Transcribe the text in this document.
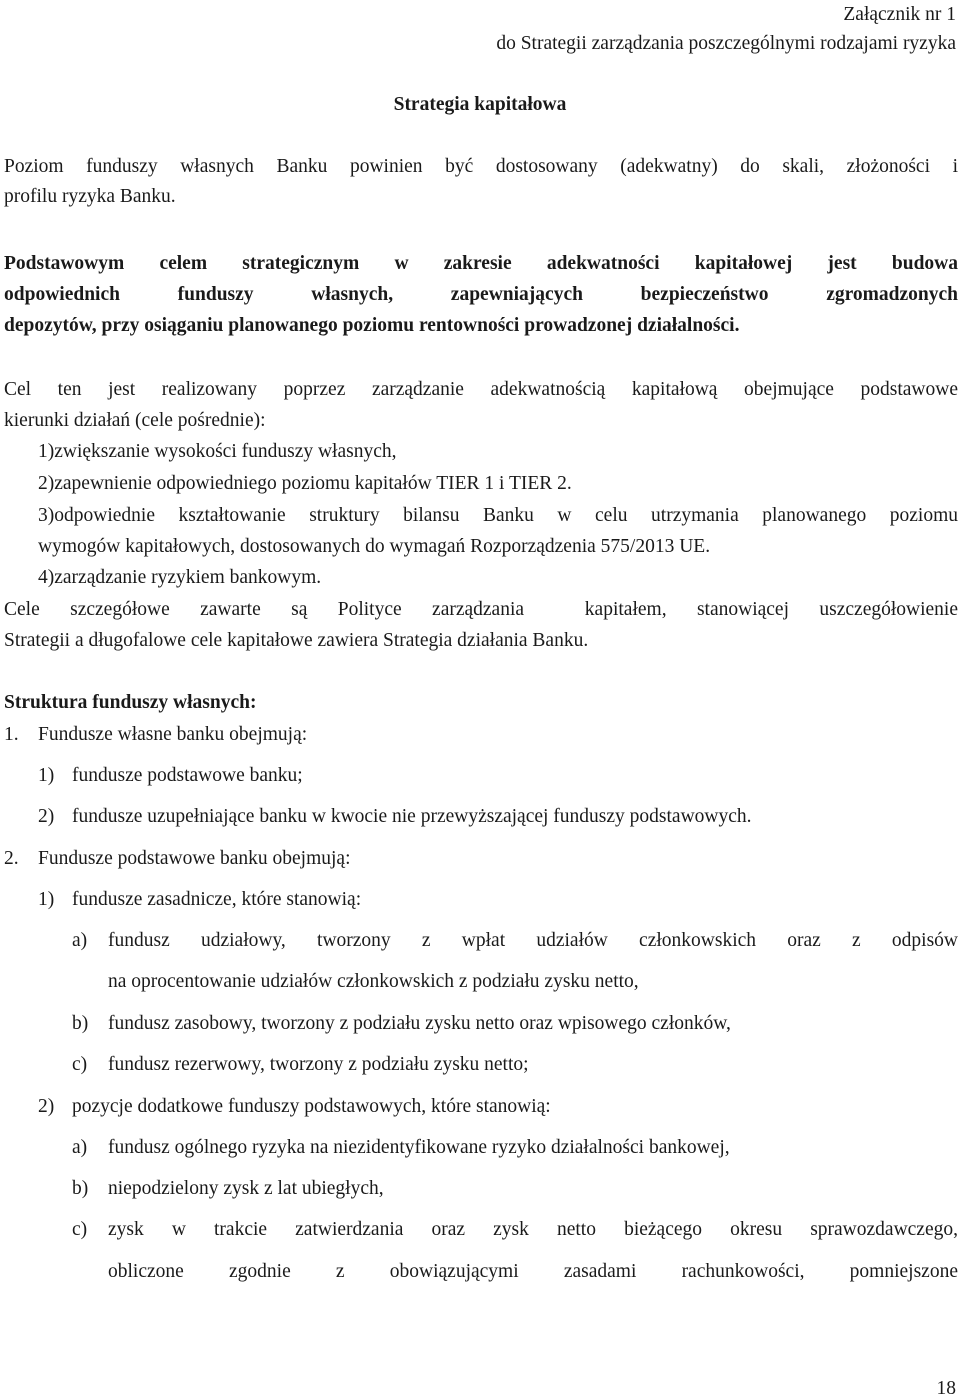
Załącznik nr 1
do Strategii zarządzania poszczególnymi rodzajami ryzyka
Strategia kapitałowa
Poziom funduszy własnych Banku powinien być dostosowany (adekwatny) do skali, złożoności i
profilu ryzyka Banku.
Podstawowym celem strategicznym w zakresie adekwatności kapitałowej jest budowa
odpowiednich funduszy własnych, zapewniających bezpieczeństwo zgromadzonych
depozytów, przy osiąganiu planowanego poziomu rentowności prowadzonej działalności.
Cel ten jest realizowany poprzez zarządzanie adekwatnością kapitałową obejmujące podstawowe
kierunki działań (cele pośrednie):
1)zwiększanie wysokości funduszy własnych,
2)zapewnienie odpowiedniego poziomu kapitałów TIER 1 i TIER 2.
3)odpowiednie kształtowanie struktury bilansu Banku w celu utrzymania planowanego poziomu
wymogów kapitałowych, dostosowanych do wymagań Rozporządzenia 575/2013 UE.
4)zarządzanie ryzykiem bankowym.
Cele szczegółowe zawarte są Polityce zarządzania  kapitałem, stanowiącej uszczegółowienie
Strategii a długofalowe cele kapitałowe zawiera Strategia działania Banku.
Struktura funduszy własnych:
1. Fundusze własne banku obejmują:
1) fundusze podstawowe banku;
2) fundusze uzupełniające banku w kwocie nie przewyższającej funduszy podstawowych.
2. Fundusze podstawowe banku obejmują:
1) fundusze zasadnicze, które stanowią:
a) fundusz udziałowy, tworzony z wpłat udziałów członkowskich oraz z odpisów
na oprocentowanie udziałów członkowskich z podziału zysku netto,
b) fundusz zasobowy, tworzony z podziału zysku netto oraz wpisowego członków,
c) fundusz rezerwowy, tworzony z podziału zysku netto;
2) pozycje dodatkowe funduszy podstawowych, które stanowią:
a) fundusz ogólnego ryzyka na niezidentyfikowane ryzyko działalności bankowej,
b) niepodzielony zysk z lat ubiegłych,
c) zysk w trakcie zatwierdzania oraz zysk netto bieżącego okresu sprawozdawczego,
obliczone zgodnie z obowiązującymi zasadami rachunkowości, pomniejszone
18
